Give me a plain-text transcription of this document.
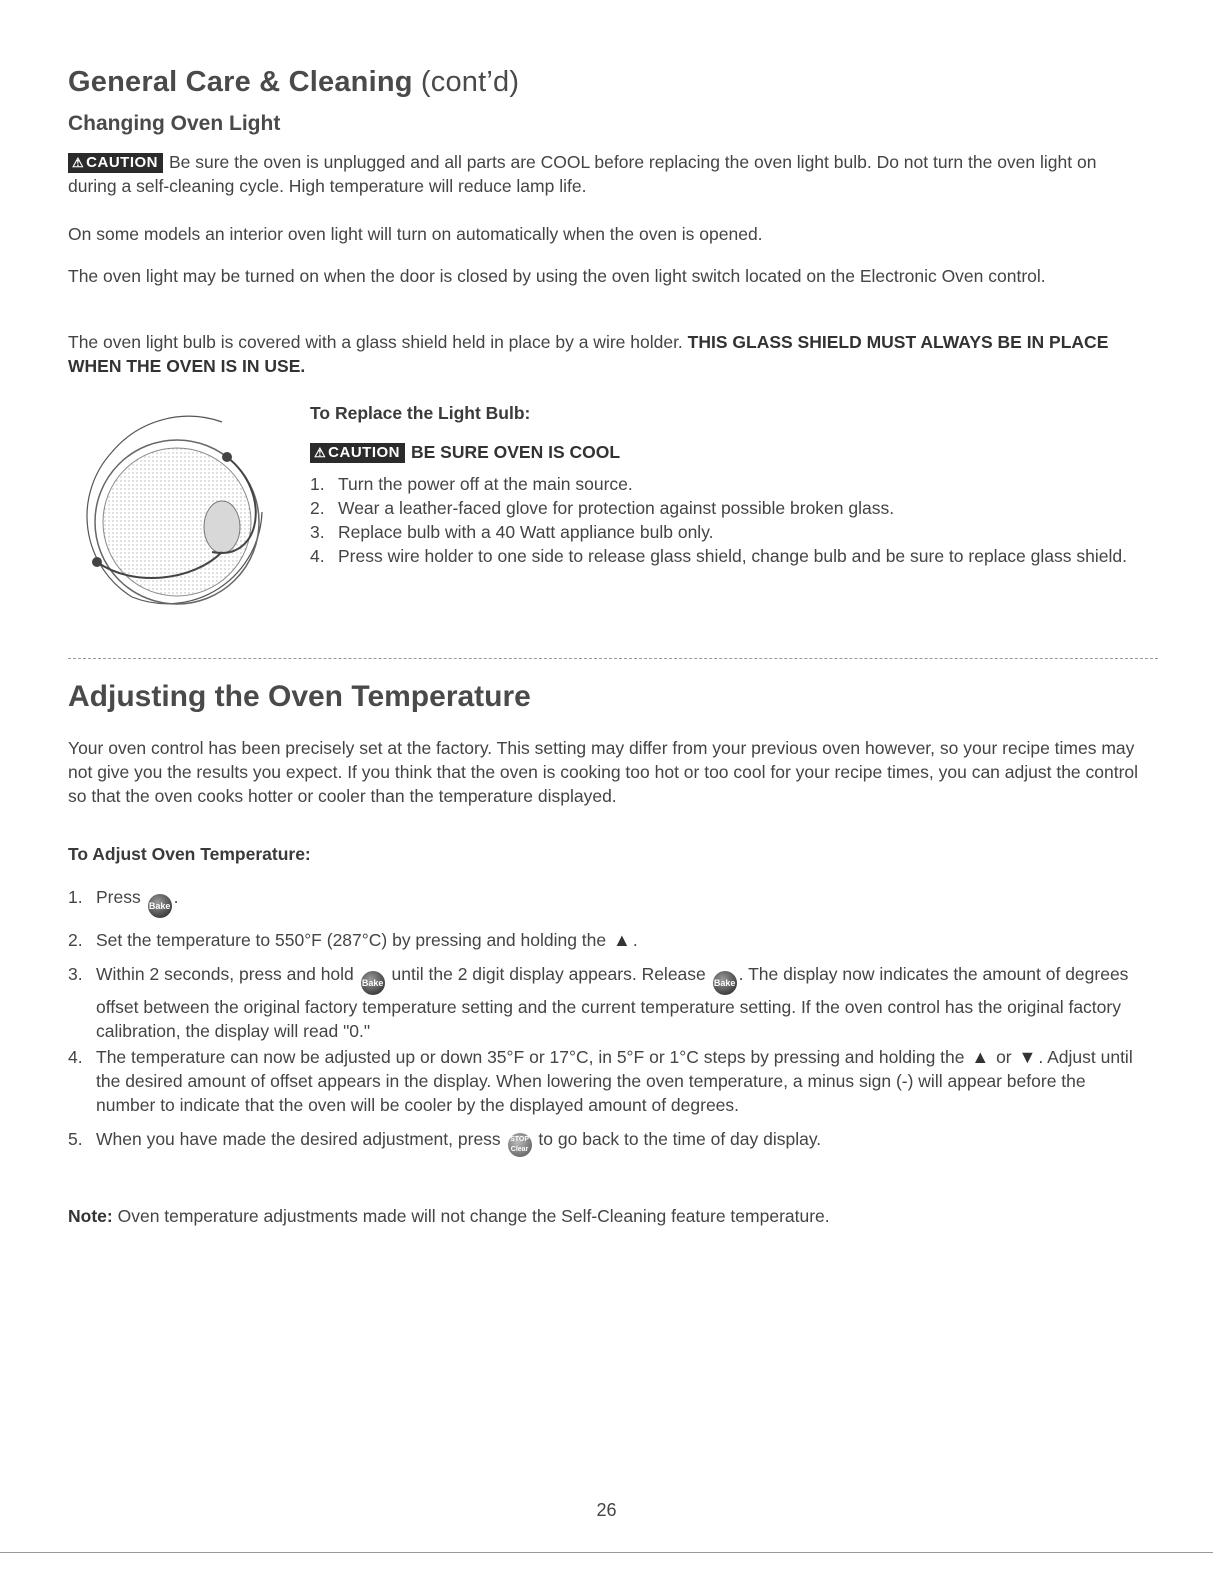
General Care & Cleaning (cont’d)
Changing Oven Light

⚠ CAUTION Be sure the oven is unplugged and all parts are COOL before replacing the oven light bulb. Do not turn the oven light on during a self-cleaning cycle. High temperature will reduce lamp life.

On some models an interior oven light will turn on automatically when the oven is opened.

The oven light may be turned on when the door is closed by using the oven light switch located on the Electronic Oven control.

The oven light bulb is covered with a glass shield held in place by a wire holder. THIS GLASS SHIELD MUST ALWAYS BE IN PLACE WHEN THE OVEN IS IN USE.

To Replace the Light Bulb:

⚠ CAUTION BE SURE OVEN IS COOL

1. Turn the power off at the main source.
2. Wear a leather-faced glove for protection against possible broken glass.
3. Replace bulb with a 40 Watt appliance bulb only.
4. Press wire holder to one side to release glass shield, change bulb and be sure to replace glass shield.
Adjusting the Oven Temperature

Your oven control has been precisely set at the factory. This setting may differ from your previous oven however, so your recipe times may not give you the results you expect. If you think that the oven is cooking too hot or too cool for your recipe times, you can adjust the control so that the oven cooks hotter or cooler than the temperature displayed.

To Adjust Oven Temperature:
1. Press Bake .
2. Set the temperature to 550°F (287°C) by pressing and holding the ▲ .
3. Within 2 seconds, press and hold Bake until the 2 digit display appears. Release Bake . The display now indicates the amount of degrees offset between the original factory temperature setting and the current temperature setting. If the oven control has the original factory calibration, the display will read "0."
4. The temperature can now be adjusted up or down 35°F or 17°C, in 5°F or 1°C steps by pressing and holding the ▲ or ▼ . Adjust until the desired amount of offset appears in the display. When lowering the oven temperature, a minus sign (-) will appear before the number to indicate that the oven will be cooler by the displayed amount of degrees.
5. When you have made the desired adjustment, press STOP
Clear to go back to the time of day display.

Note: Oven temperature adjustments made will not change the Self-Cleaning feature temperature.

26
